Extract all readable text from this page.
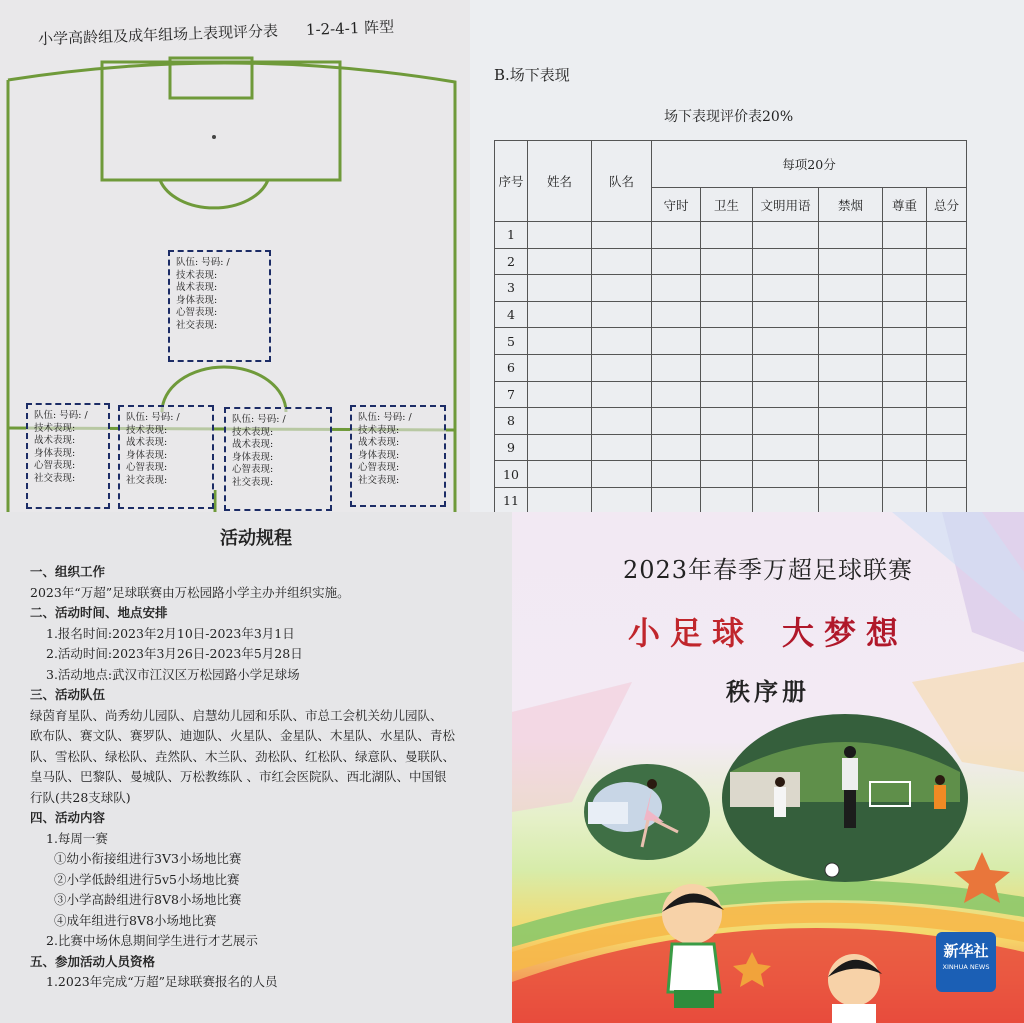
小学高龄组及成年组场上表现评分表 1-2-4-1 阵型
队伍: 号码: /
技术表现:
战术表现:
身体表现:
心智表现:
社交表现:
队伍: 号码: /
技术表现:
战术表现:
身体表现:
心智表现:
社交表现:
队伍: 号码: /
技术表现:
战术表现:
身体表现:
心智表现:
社交表现:
队伍: 号码: /
技术表现:
战术表现:
身体表现:
心智表现:
社交表现:
队伍: 号码: /
技术表现:
战术表现:
身体表现:
心智表现:
社交表现:
B.场下表现
场下表现评价表20%
序号	姓名	队名	每项20分					
			守时	卫生	文明用语	禁烟	尊重	总分
1								
2								
3								
4								
5								
6								
7								
8								
9								
10								
11								
活动规程
一、组织工作
2023年“万超”足球联赛由万松园路小学主办并组织实施。
二、活动时间、地点安排
1.报名时间:2023年2月10日-2023年3月1日
2.活动时间:2023年3月26日-2023年5月28日
3.活动地点:武汉市江汉区万松园路小学足球场
三、活动队伍
绿茵育星队、尚秀幼儿园队、启慧幼儿园和乐队、市总工会机关幼儿园队、
欧布队、赛文队、赛罗队、迪迦队、火星队、金星队、木星队、水星队、青松
队、雪松队、绿松队、垚然队、木兰队、劲松队、红松队、绿意队、曼联队、
皇马队、巴黎队、曼城队、万松教练队 、市红会医院队、西北湖队、中国银
行队(共28支球队)
四、活动内容
1.每周一赛
①幼小衔接组进行3V3小场地比赛
②小学低龄组进行5v5小场地比赛
③小学高龄组进行8V8小场地比赛
④成年组进行8V8小场地比赛
2.比赛中场休息期间学生进行才艺展示
五、参加活动人员资格
1.2023年完成“万超”足球联赛报名的人员
2023年春季万超足球联赛
小足球 大梦想
秩序册
新华社
XINHUA NEWS
